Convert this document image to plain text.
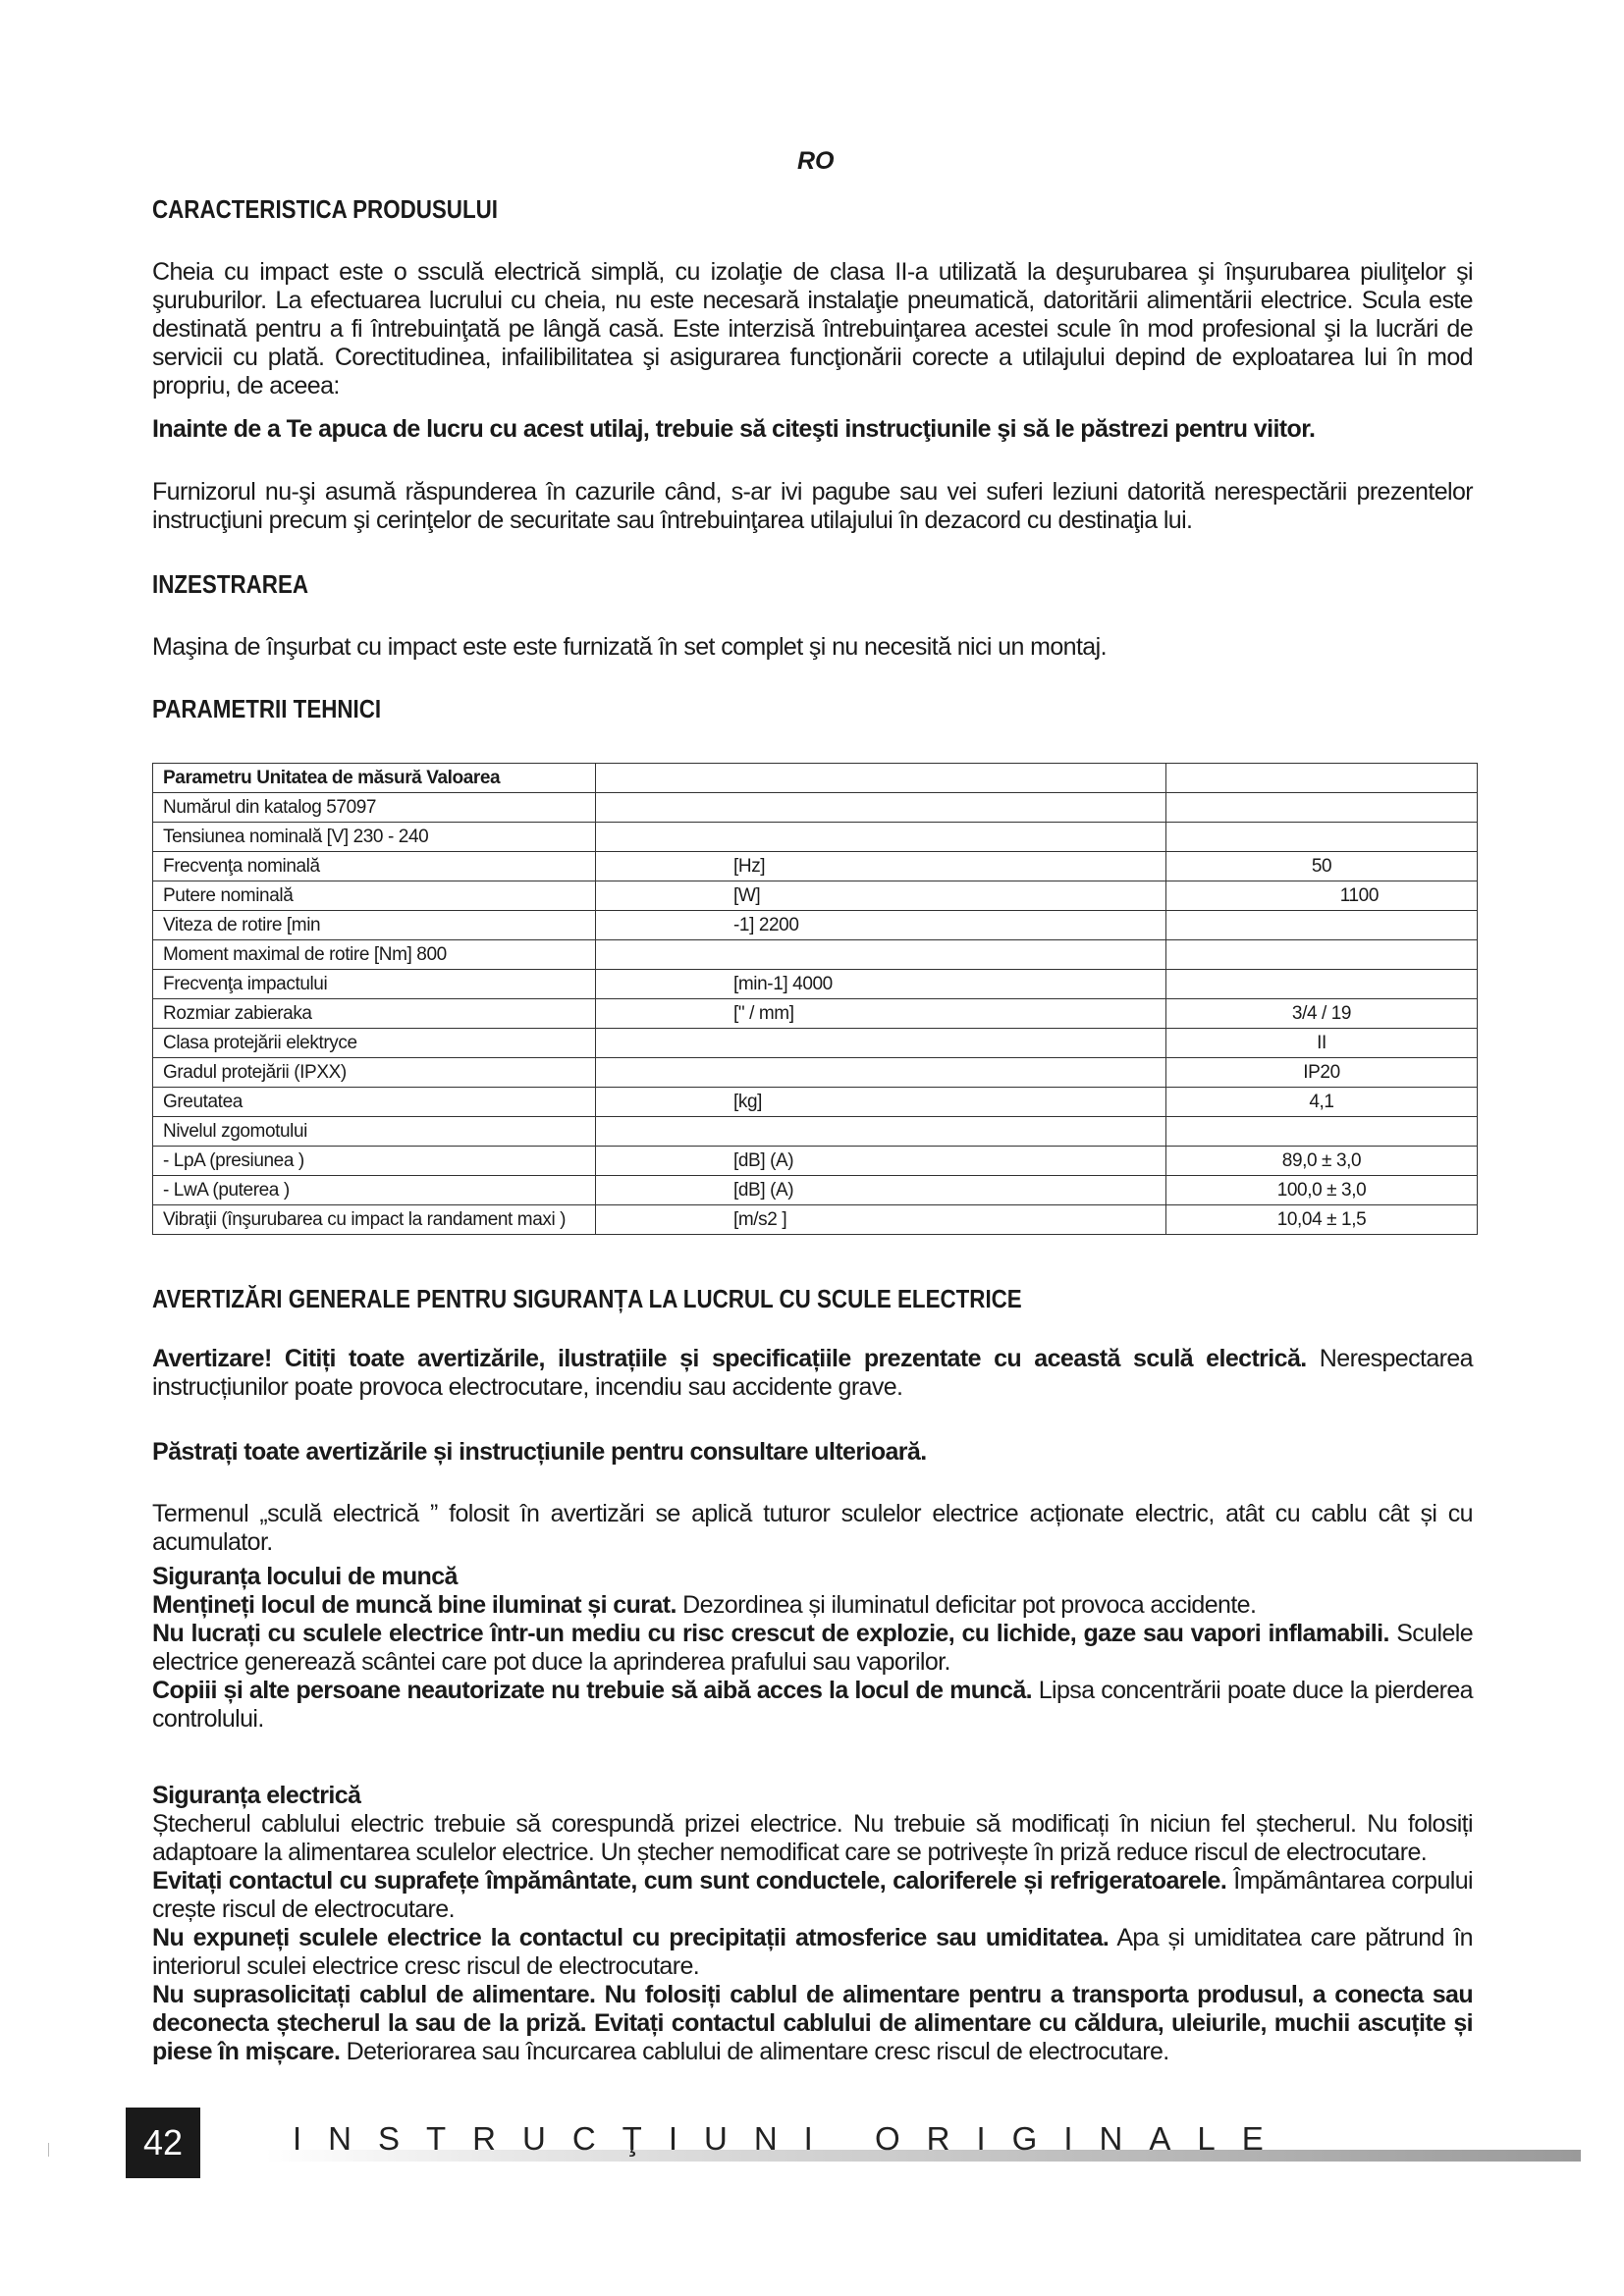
RO
CARACTERISTICA PRODUSULUI
Cheia cu impact este o ssculă electrică simplă, cu izolaţie de clasa II-a utilizată la deşurubarea şi înşurubarea piuliţelor şi şuruburilor. La efectuarea lucrului cu cheia, nu este necesară instalaţie pneumatică, datoritării alimentării electrice. Scula este destinată pentru a fi întrebuinţată pe lângă casă. Este interzisă întrebuinţarea acestei scule în mod profesional şi la lucrări de servicii cu plată. Corectitudinea, infailibilitatea şi asigurarea funcţionării corecte a utilajului depind de exploatarea lui în mod propriu, de aceea:
Inainte de a Te apuca de lucru cu acest utilaj, trebuie să citeşti instrucţiunile şi să le păstrezi pentru viitor.
Furnizorul nu-şi asumă răspunderea în cazurile când, s-ar ivi pagube sau vei suferi leziuni datorită nerespectării prezentelor instrucţiuni precum şi cerinţelor de securitate sau întrebuinţarea utilajului în dezacord cu destinaţia lui.
INZESTRAREA
Maşina de înşurbat cu impact este este furnizată în set complet şi nu necesită nici un montaj.
PARAMETRII TEHNICI
Parametru Unitatea de măsură Valoarea		
Numărul din katalog 57097		
Tensiunea nominală [V] 230 - 240		
Frecvenţa nominală	[Hz]	50
Putere nominală	[W]	1100
Viteza de rotire [min	-1] 2200	
Moment maximal de rotire [Nm] 800		
Frecvenţa impactului	[min-1] 4000	
Rozmiar zabieraka	[" / mm]	3/4 / 19
Clasa protejării elektryce		II
Gradul protejării (IPXX)		IP20
Greutatea	[kg]	4,1
Nivelul zgomotului		
- LpA (presiunea )	[dB] (A)	89,0 ± 3,0
- LwA (puterea )	[dB] (A)	100,0 ± 3,0
Vibraţii (înşurubarea cu impact la randament maxi )	[m/s2 ]	10,04 ± 1,5
AVERTIZĂRI GENERALE PENTRU SIGURANȚA LA LUCRUL CU SCULE ELECTRICE
Avertizare! Citiți toate avertizările, ilustrațiile și specificațiile prezentate cu această sculă electrică. Nerespectarea instrucțiunilor poate provoca electrocutare, incendiu sau accidente grave.
Păstrați toate avertizările și instrucțiunile pentru consultare ulterioară.
Termenul „sculă electrică ” folosit în avertizări se aplică tuturor sculelor electrice acționate electric, atât cu cablu cât și cu acumulator.
Siguranța locului de muncă
Mențineți locul de muncă bine iluminat și curat. Dezordinea și iluminatul deficitar pot provoca accidente.
Nu lucrați cu sculele electrice într-un mediu cu risc crescut de explozie, cu lichide, gaze sau vapori inflamabili. Sculele electrice generează scântei care pot duce la aprinderea prafului sau vaporilor.
Copiii și alte persoane neautorizate nu trebuie să aibă acces la locul de muncă. Lipsa concentrării poate duce la pierderea controlului.
Siguranța electrică
Ștecherul cablului electric trebuie să corespundă prizei electrice. Nu trebuie să modificați în niciun fel ștecherul. Nu folosiți adaptoare la alimentarea sculelor electrice. Un ștecher nemodificat care se potrivește în priză reduce riscul de electrocutare.
Evitați contactul cu suprafețe împământate, cum sunt conductele, caloriferele și refrigeratoarele. Împământarea corpului crește riscul de electrocutare.
Nu expuneți sculele electrice la contactul cu precipitații atmosferice sau umiditatea. Apa și umiditatea care pătrund în interiorul sculei electrice cresc riscul de electrocutare.
Nu suprasolicitați cablul de alimentare. Nu folosiți cablul de alimentare pentru a transporta produsul, a conecta sau deconecta ștecherul la sau de la priză. Evitați contactul cablului de alimentare cu căldura, uleiurile, muchii ascuțite și piese în mișcare. Deteriorarea sau încurcarea cablului de alimentare cresc riscul de electrocutare.
42	INSTRUCŢIUNI ORIGINALE
